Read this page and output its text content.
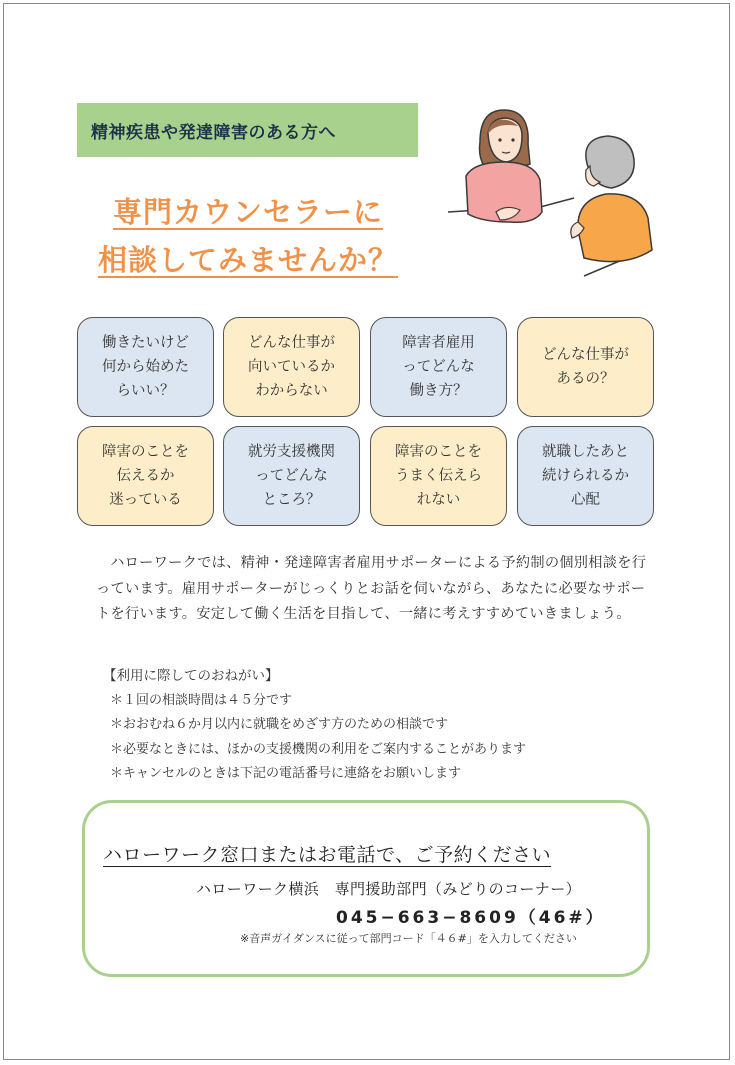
精神疾患や発達障害のある方へ
専門カウンセラーに
相談してみませんか？
働きたいけど
何から始めた
らいい？
どんな仕事が
向いているか
わからない
障害者雇用
ってどんな
働き方？
どんな仕事が
あるの？
障害のことを
伝えるか
迷っている
就労支援機関
ってどんな
ところ？
障害のことを
うまく伝えら
れない
就職したあと
続けられるか
心配
ハローワークでは、精神・発達障害者雇用サポーターによる予約制の個別相談を行っています。雇用サポーターがじっくりとお話を伺いながら、あなたに必要なサポートを行います。安定して働く生活を目指して、一緒に考えすすめていきましょう。
【利用に際してのおねがい】
＊１回の相談時間は４５分です
＊おおむね６か月以内に就職をめざす方のための相談です
＊必要なときには、ほかの支援機関の利用をご案内することがあります
＊キャンセルのときは下記の電話番号に連絡をお願いします
ハローワーク窓口またはお電話で、ご予約ください
ハローワーク横浜　専門援助部門（みどりのコーナー）
045−663−8609（46#）
※音声ガイダンスに従って部門コード「４６#」を入力してください
